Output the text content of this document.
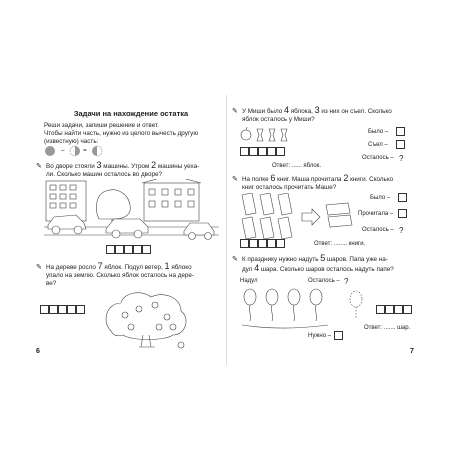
Задачи на нахождение остатка
Реши задачи, запиши решение и ответ.
Чтобы найти часть, нужно из целого вычесть другую
(известную) часть:
–	=
✎ Во дворе стояли 3 машины. Утром 2 машины уеха-
ли. Сколько машин осталось во дворе?
✎ На дереве росло 7 яблок. Подул ветер, 1 яблоко
упало на землю. Сколько яблок осталось на дере-
ве?
6
✎ У Миши было 4 яблока, 3 из них он съел. Сколько
яблок осталось у Миши?
Было –
Съел –
Осталось – ?
Ответ: ...... яблок.
✎ На полке 6 книг. Маша прочитала 2 книги. Сколько
книг осталось прочитать Маше?
Было –
Прочитала –
Осталось – ?
Ответ: ........ книги.
✎ К празднику нужно надуть 5 шаров. Папа уже на-
дул 4 шара. Сколько шаров осталось надуть папе?
Надул	Осталось – ?
Нужно –
Ответ: ....... шар.
7
